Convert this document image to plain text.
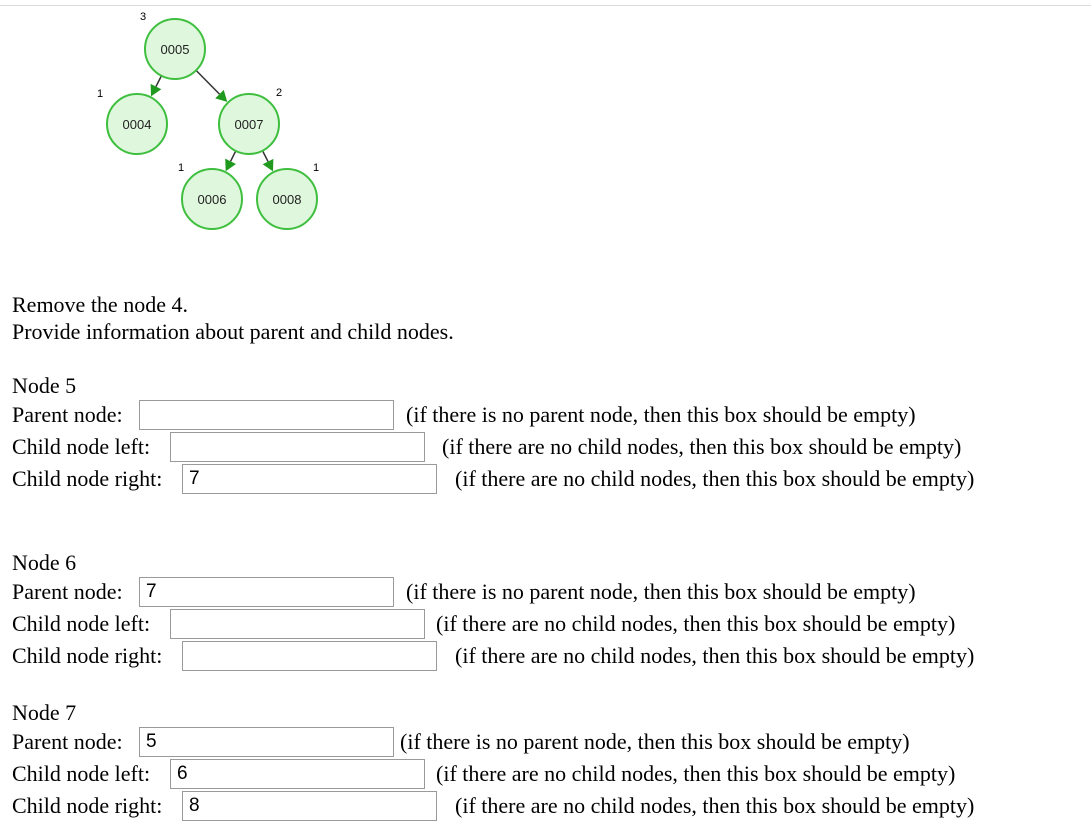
0005
3
0004
1
0007
2
0006
1
0008
1
Remove the node 4.
Provide information about parent and child nodes.
Node 5
Parent node:	(if there is no parent node, then this box should be empty)
Child node left:	(if there are no child nodes, then this box should be empty)
Child node right:
7	(if there are no child nodes, then this box should be empty)
Node 6
Parent node:
7	(if there is no parent node, then this box should be empty)
Child node left:	(if there are no child nodes, then this box should be empty)
Child node right:	(if there are no child nodes, then this box should be empty)
Node 7
Parent node:
5	(if there is no parent node, then this box should be empty)
Child node left:
6	(if there are no child nodes, then this box should be empty)
Child node right:
8	(if there are no child nodes, then this box should be empty)
